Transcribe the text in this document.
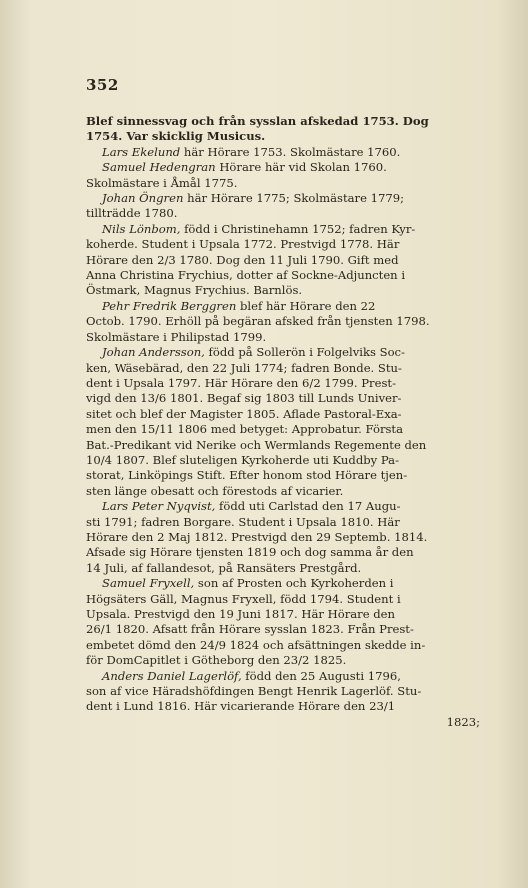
352
Blef sinnessvag och från sysslan afskedad 1753. Dog
1754. Var skicklig Musicus.
Lars Ekelund här Hörare 1753. Skolmästare 1760.
Samuel Hedengran Hörare här vid Skolan 1760.
Skolmästare i Åmål 1775.
Johan Öngren här Hörare 1775; Skolmästare 1779;
tillträdde 1780.
Nils Lönbom, född i Christinehamn 1752; fadren Kyr-
koherde. Student i Upsala 1772. Prestvigd 1778. Här
Hörare den 2/3 1780. Dog den 11 Juli 1790. Gift med
Anna Christina Frychius, dotter af Sockne-Adjuncten i
Östmark, Magnus Frychius. Barnlös.
Pehr Fredrik Berggren blef här Hörare den 22
Octob. 1790. Erhöll på begäran afsked från tjensten 1798.
Skolmästare i Philipstad 1799.
Johan Andersson, född på Sollerön i Folgelviks Soc-
ken, Wäsebärad, den 22 Juli 1774; fadren Bonde. Stu-
dent i Upsala 1797. Här Hörare den 6/2 1799. Prest-
vigd den 13/6 1801. Begaf sig 1803 till Lunds Univer-
sitet och blef der Magister 1805. Aflade Pastoral-Exa-
men den 15/11 1806 med betyget: Approbatur. Första
Bat.-Predikant vid Nerike och Wermlands Regemente den
10/4 1807. Blef sluteligen Kyrkoherde uti Kuddby Pa-
storat, Linköpings Stift. Efter honom stod Hörare tjen-
sten länge obesatt och förestods af vicarier.
Lars Peter Nyqvist, född uti Carlstad den 17 Augu-
sti 1791; fadren Borgare. Student i Upsala 1810. Här
Hörare den 2 Maj 1812. Prestvigd den 29 Septemb. 1814.
Afsade sig Hörare tjensten 1819 och dog samma år den
14 Juli, af fallandesot, på Ransäters Prestgård.
Samuel Fryxell, son af Prosten och Kyrkoherden i
Högsäters Gäll, Magnus Fryxell, född 1794. Student i
Upsala. Prestvigd den 19 Juni 1817. Här Hörare den
26/1 1820. Afsatt från Hörare sysslan 1823. Från Prest-
embetet dömd den 24/9 1824 och afsättningen skedde in-
för DomCapitlet i Götheborg den 23/2 1825.
Anders Daniel Lagerlöf, född den 25 Augusti 1796,
son af vice Häradshöfdingen Bengt Henrik Lagerlöf. Stu-
dent i Lund 1816. Här vicarierande Hörare den 23/1
1823;
